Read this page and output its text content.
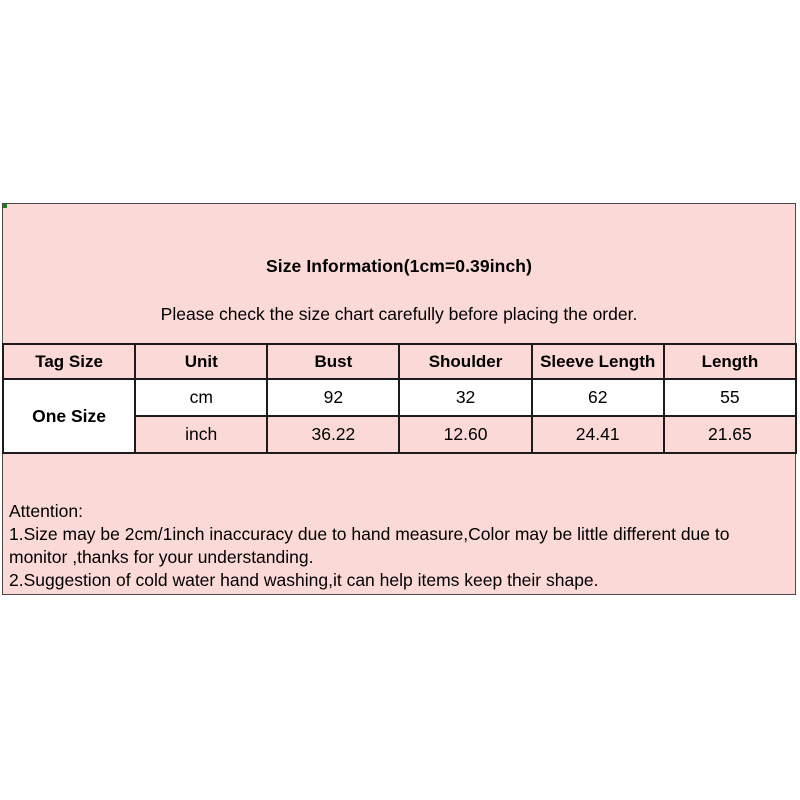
Size Information(1cm=0.39inch)
Please check the size chart carefully before placing the order.
Tag Size	Unit	Bust	Shoulder	Sleeve Length	Length
One Size	cm	92	32	62	55
	inch	36.22	12.60	24.41	21.65
Attention:
1.Size may be 2cm/1inch inaccuracy due to hand measure,Color may be little different due to
monitor ,thanks for your understanding.
2.Suggestion of cold water hand washing,it can help items keep their shape.
